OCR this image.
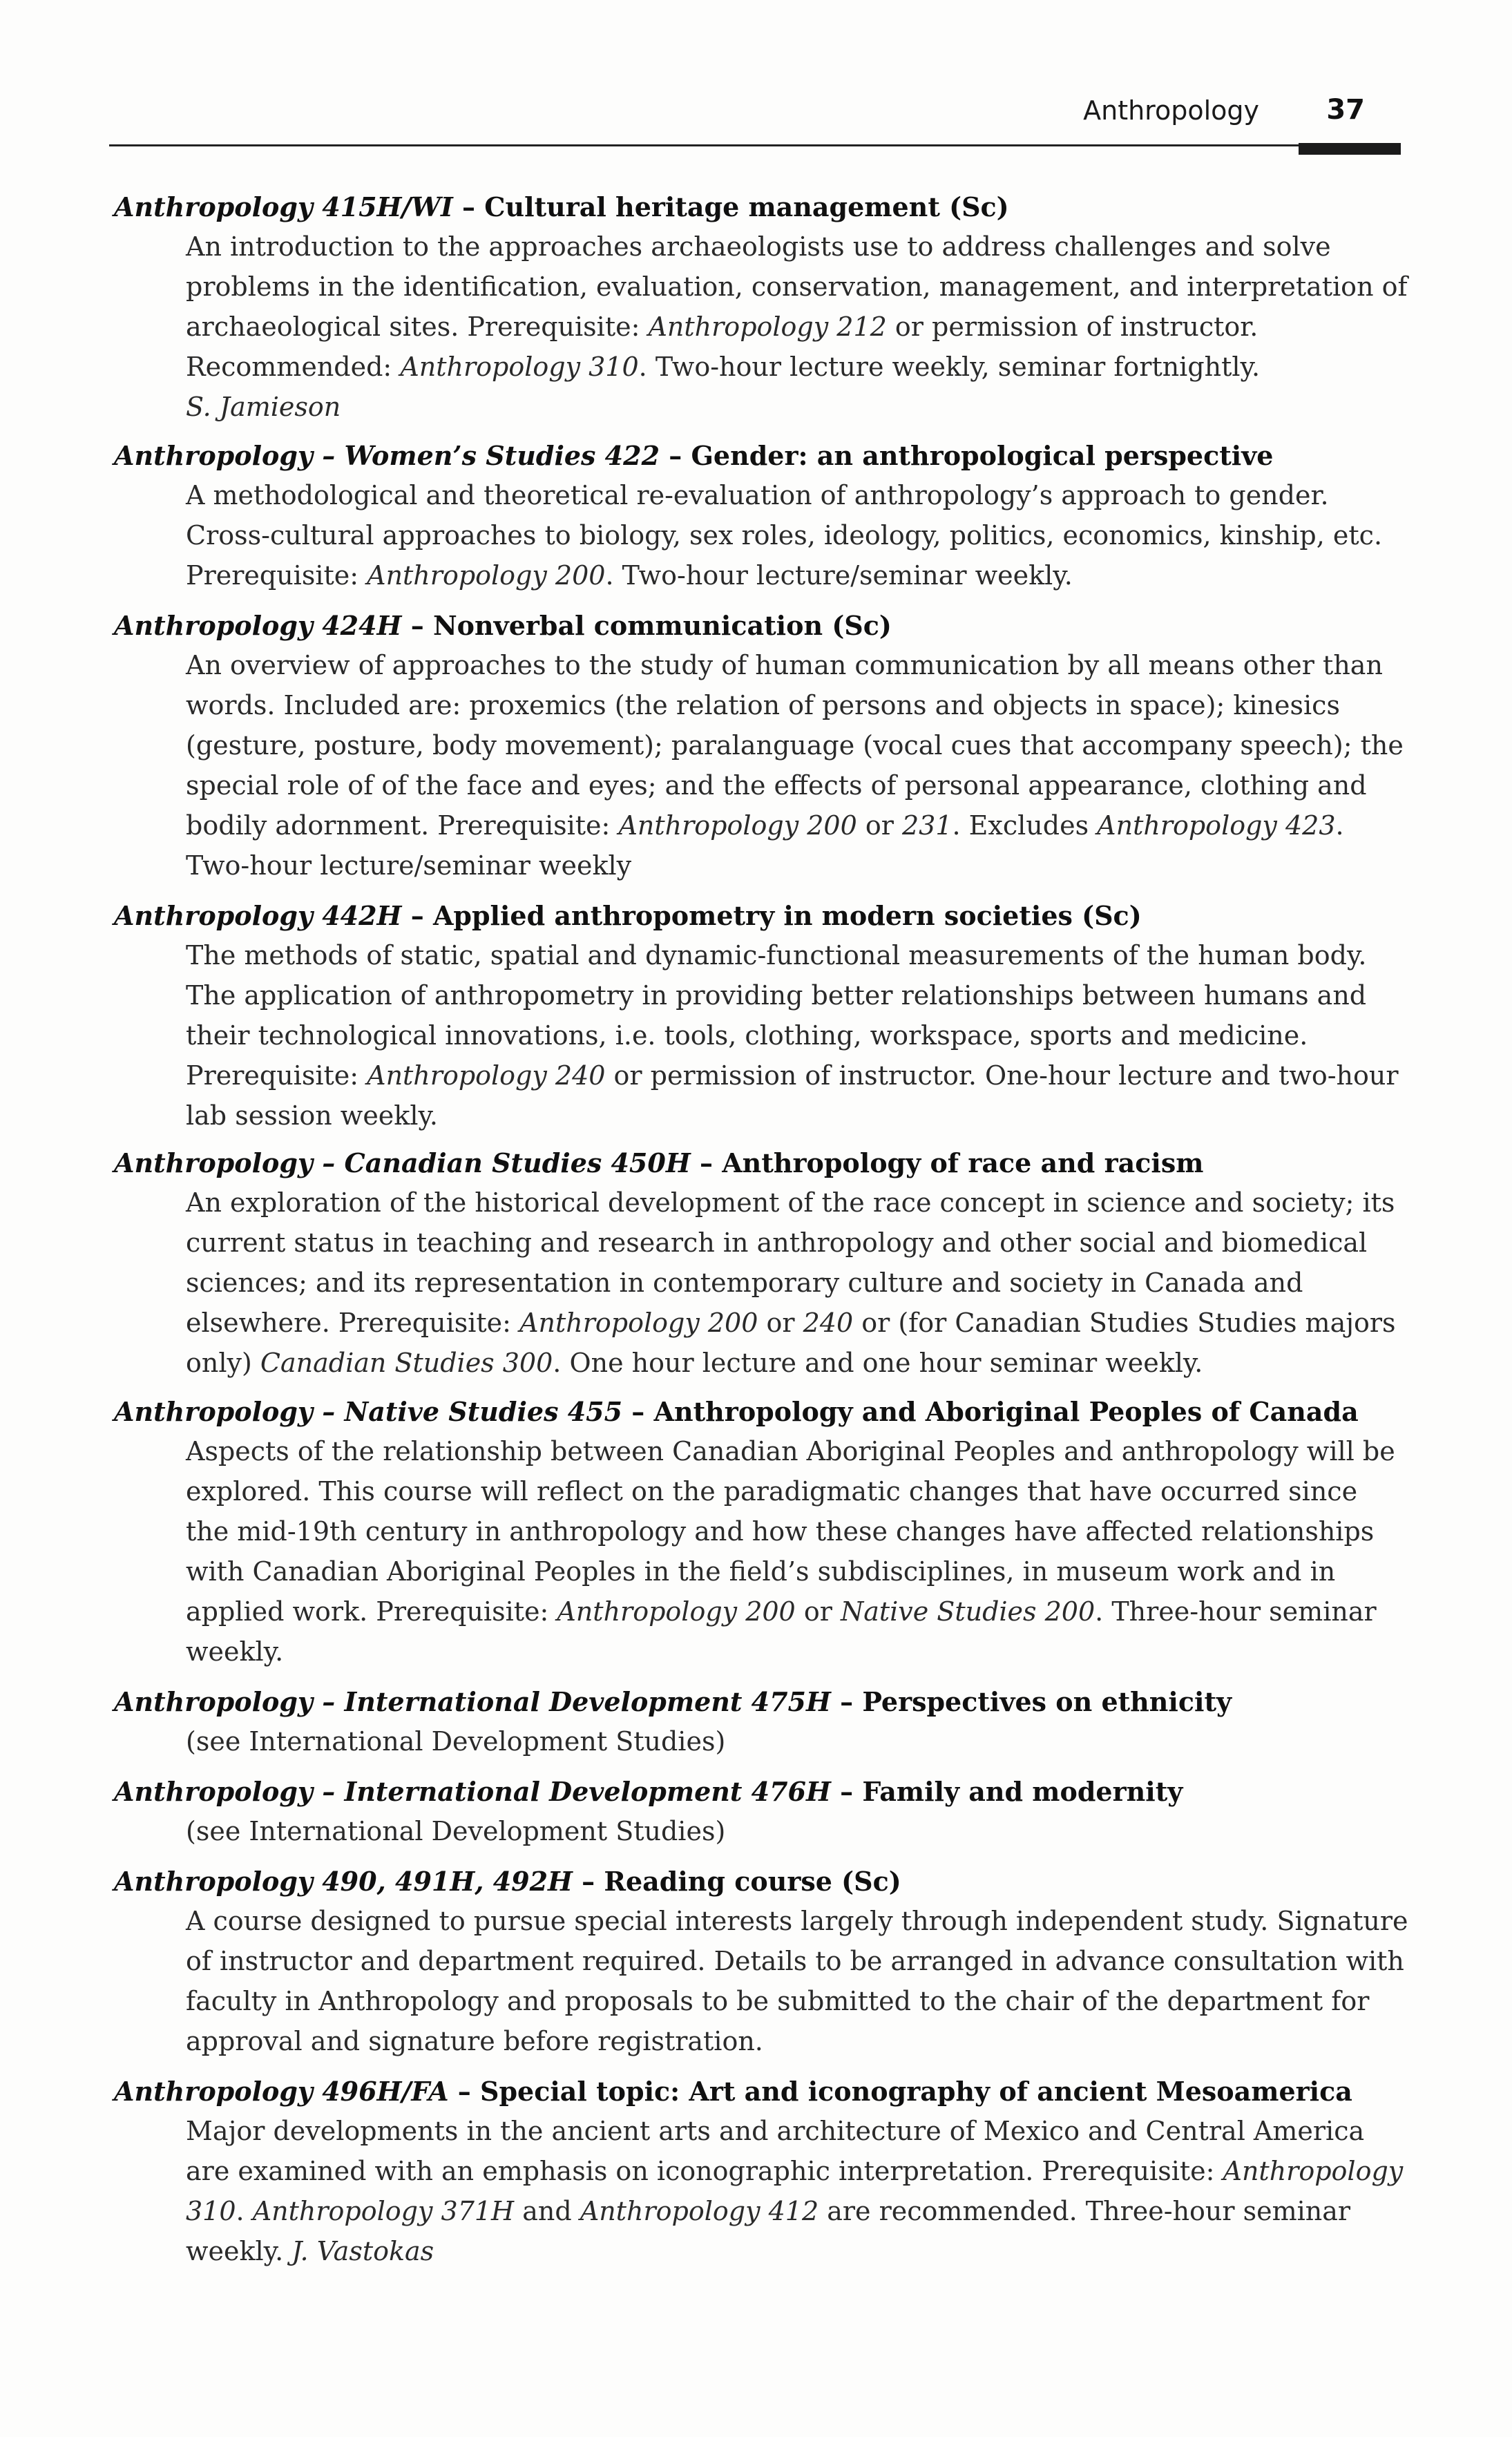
Anthropology 37
Anthropology 415H/WI – Cultural heritage management (Sc)
An introduction to the approaches archaeologists use to address challenges and solve problems in the identification, evaluation, conservation, management, and interpretation of archaeological sites. Prerequisite: Anthropology 212 or permission of instructor. Recommended: Anthropology 310. Two-hour lecture weekly, seminar fortnightly.
S. Jamieson
Anthropology – Women’s Studies 422 – Gender: an anthropological perspective
A methodological and theoretical re-evaluation of anthropology’s approach to gender. Cross-cultural approaches to biology, sex roles, ideology, politics, economics, kinship, etc. Prerequisite: Anthropology 200. Two-hour lecture/seminar weekly.
Anthropology 424H – Nonverbal communication (Sc)
An overview of approaches to the study of human communication by all means other than words. Included are: proxemics (the relation of persons and objects in space); kinesics (gesture, posture, body movement); paralanguage (vocal cues that accompany speech); the special role of of the face and eyes; and the effects of personal appearance, clothing and bodily adornment. Prerequisite: Anthropology 200 or 231. Excludes Anthropology 423. Two-hour lecture/seminar weekly
Anthropology 442H – Applied anthropometry in modern societies (Sc)
The methods of static, spatial and dynamic-functional measurements of the human body. The application of anthropometry in providing better relationships between humans and their technological innovations, i.e. tools, clothing, workspace, sports and medicine. Prerequisite: Anthropology 240 or permission of instructor. One-hour lecture and two-hour lab session weekly.
Anthropology – Canadian Studies 450H – Anthropology of race and racism
An exploration of the historical development of the race concept in science and society; its current status in teaching and research in anthropology and other social and biomedical sciences; and its representation in contemporary culture and society in Canada and elsewhere. Prerequisite: Anthropology 200 or 240 or (for Canadian Studies Studies majors only) Canadian Studies 300. One hour lecture and one hour seminar weekly.
Anthropology – Native Studies 455 – Anthropology and Aboriginal Peoples of Canada
Aspects of the relationship between Canadian Aboriginal Peoples and anthropology will be explored. This course will reflect on the paradigmatic changes that have occurred since the mid-19th century in anthropology and how these changes have affected relationships with Canadian Aboriginal Peoples in the field’s subdisciplines, in museum work and in applied work. Prerequisite: Anthropology 200 or Native Studies 200. Three-hour seminar weekly.
Anthropology – International Development 475H – Perspectives on ethnicity
(see International Development Studies)
Anthropology – International Development 476H – Family and modernity
(see International Development Studies)
Anthropology 490, 491H, 492H – Reading course (Sc)
A course designed to pursue special interests largely through independent study. Signature of instructor and department required. Details to be arranged in advance consultation with faculty in Anthropology and proposals to be submitted to the chair of the department for approval and signature before registration.
Anthropology 496H/FA – Special topic: Art and iconography of ancient Mesoamerica
Major developments in the ancient arts and architecture of Mexico and Central America are examined with an emphasis on iconographic interpretation. Prerequisite: Anthropology 310. Anthropology 371H and Anthropology 412 are recommended. Three-hour seminar weekly. J. Vastokas
